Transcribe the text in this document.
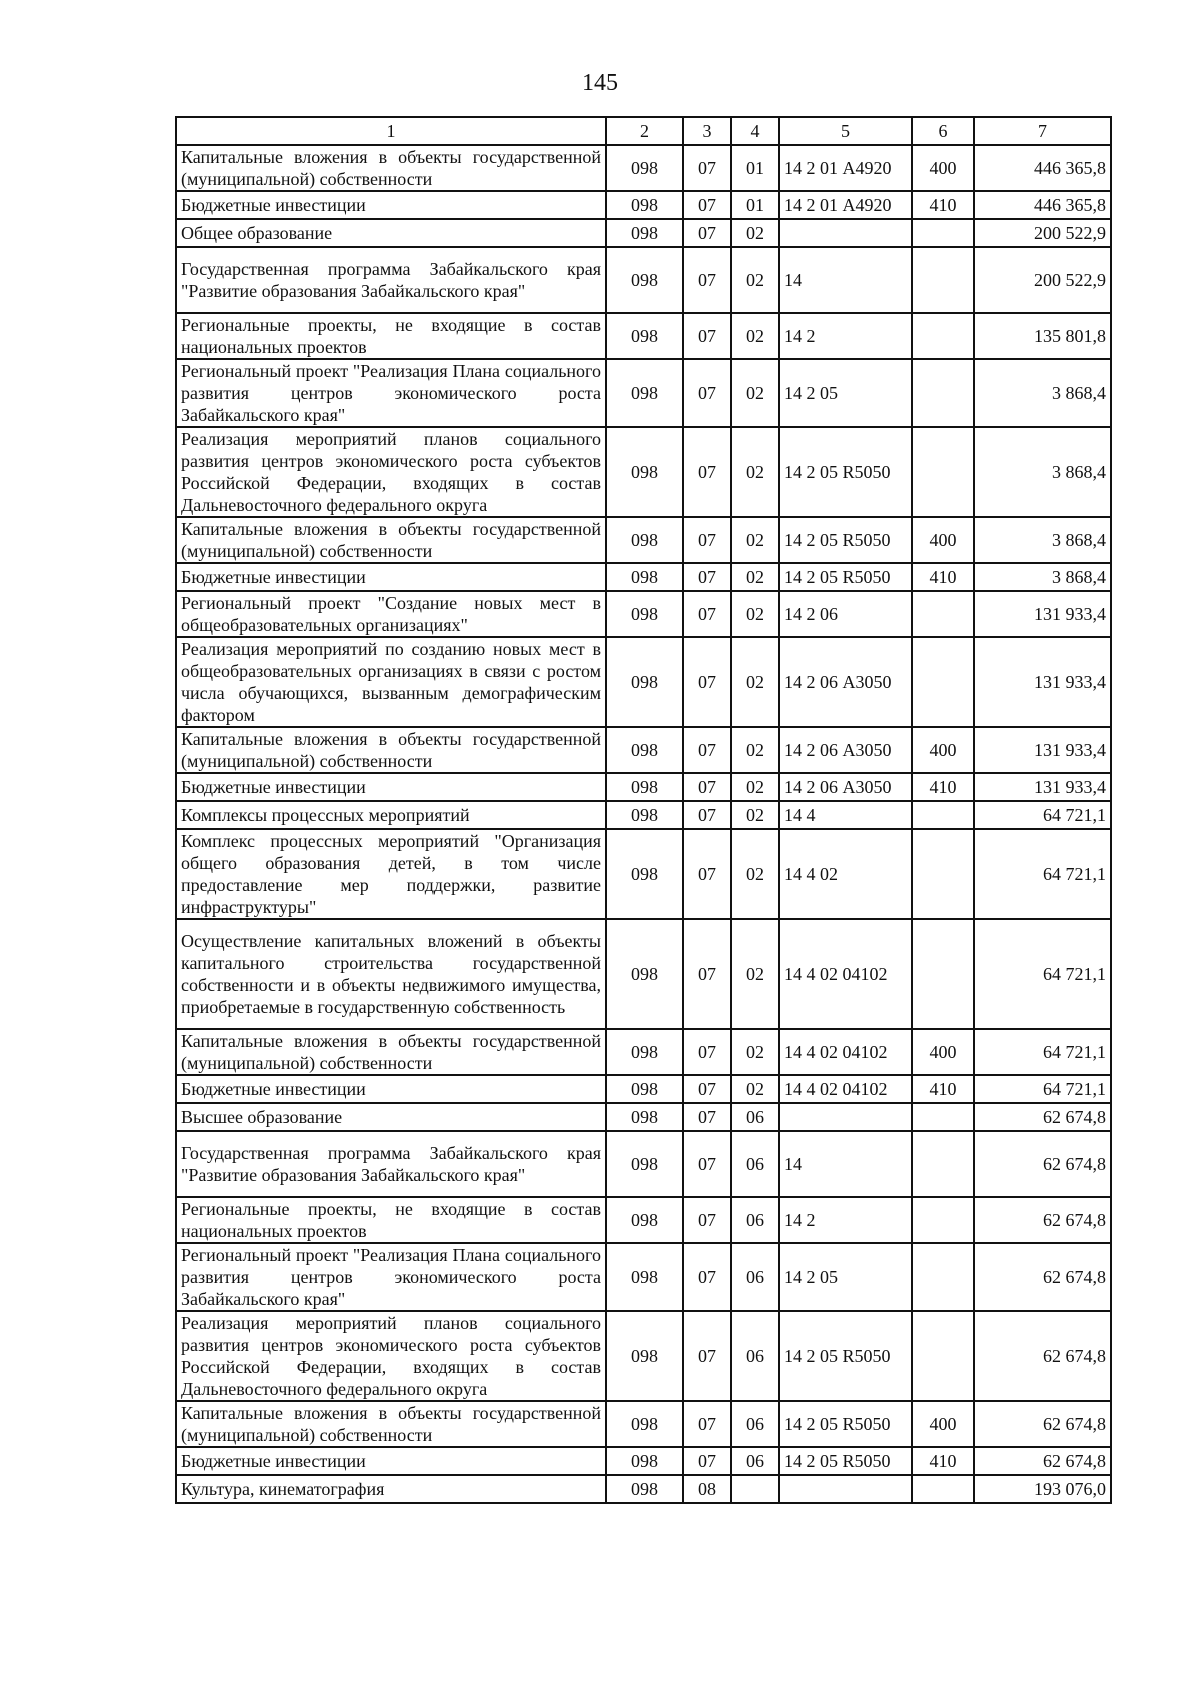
145
1	2	3	4	5	6	7
Капитальные вложения в объекты государственной (муниципальной) собственности	098	07	01	14 2 01 А4920	400	446 365,8
Бюджетные инвестиции	098	07	01	14 2 01 А4920	410	446 365,8
Общее образование	098	07	02			200 522,9
Государственная программа Забайкальского края "Развитие образования Забайкальского края"	098	07	02	14		200 522,9
Региональные проекты, не входящие в состав национальных проектов	098	07	02	14 2		135 801,8
Региональный проект "Реализация Плана социального развития центров экономического роста Забайкальского края"	098	07	02	14 2 05		3 868,4
Реализация мероприятий планов социального развития центров экономического роста субъектов Российской Федерации, входящих в состав Дальневосточного федерального округа	098	07	02	14 2 05 R5050		3 868,4
Капитальные вложения в объекты государственной (муниципальной) собственности	098	07	02	14 2 05 R5050	400	3 868,4
Бюджетные инвестиции	098	07	02	14 2 05 R5050	410	3 868,4
Региональный проект "Создание новых мест в общеобразовательных организациях"	098	07	02	14 2 06		131 933,4
Реализация мероприятий по созданию новых мест в общеобразовательных организациях в связи с ростом числа обучающихся, вызванным демографическим фактором	098	07	02	14 2 06 А3050		131 933,4
Капитальные вложения в объекты государственной (муниципальной) собственности	098	07	02	14 2 06 А3050	400	131 933,4
Бюджетные инвестиции	098	07	02	14 2 06 А3050	410	131 933,4
Комплексы процессных мероприятий	098	07	02	14 4		64 721,1
Комплекс процессных мероприятий "Организация общего образования детей, в том числе предоставление мер поддержки, развитие инфраструктуры"	098	07	02	14 4 02		64 721,1
Осуществление капитальных вложений в объекты капитального строительства государственной собственности и в объекты недвижимого имущества, приобретаемые в государственную собственность	098	07	02	14 4 02 04102		64 721,1
Капитальные вложения в объекты государственной (муниципальной) собственности	098	07	02	14 4 02 04102	400	64 721,1
Бюджетные инвестиции	098	07	02	14 4 02 04102	410	64 721,1
Высшее образование	098	07	06			62 674,8
Государственная программа Забайкальского края "Развитие образования Забайкальского края"	098	07	06	14		62 674,8
Региональные проекты, не входящие в состав национальных проектов	098	07	06	14 2		62 674,8
Региональный проект "Реализация Плана социального развития центров экономического роста Забайкальского края"	098	07	06	14 2 05		62 674,8
Реализация мероприятий планов социального развития центров экономического роста субъектов Российской Федерации, входящих в состав Дальневосточного федерального округа	098	07	06	14 2 05 R5050		62 674,8
Капитальные вложения в объекты государственной (муниципальной) собственности	098	07	06	14 2 05 R5050	400	62 674,8
Бюджетные инвестиции	098	07	06	14 2 05 R5050	410	62 674,8
Культура, кинематография	098	08				193 076,0
